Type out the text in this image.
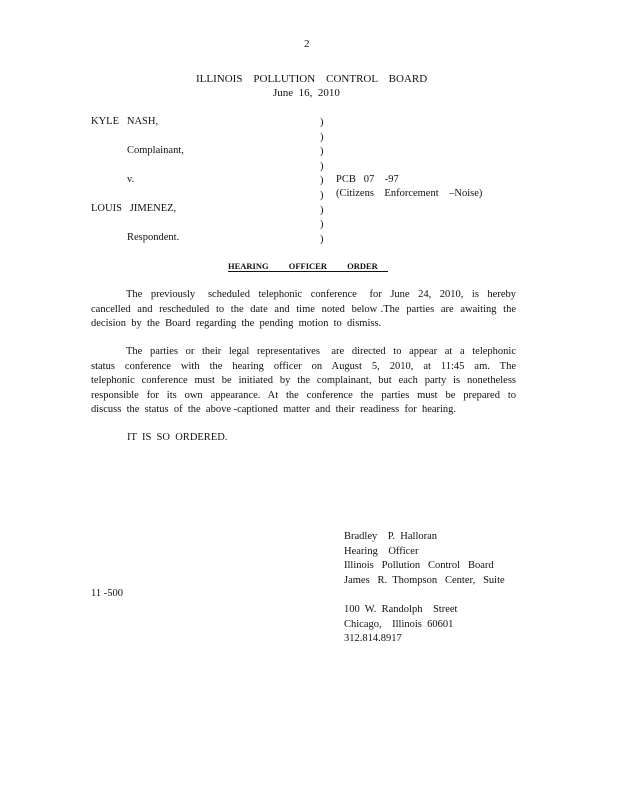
2
ILLINOIS    POLLUTION    CONTROL    BOARD
June  16,  2010
KYLE   NASH,
Complainant,
v.
LOUIS   JIMENEZ,
Respondent.
)
)
)
)
)
)
)
)
)
PCB   07    -97
(Citizens    Enforcement    –Noise)
HEARING OFFICER ORDER
The  previously   scheduled  telephonic  conference   for  June  24,  2010,  is  hereby
cancelled  and  rescheduled  to  the  date  and  time  noted  below .The  parties  are  awaiting  the
decision  by  the  Board  regarding  the  pending  motion  to  dismiss.
The  parties  or  their  legal  representatives   are  directed  to  appear  at  a  telephonic
status  conference  with  the  hearing  officer  on  August  5,  2010,  at  11:45  am.  The
telephonic  conference  must  be  initiated  by  the  complainant,  but  each  party  is  nonetheless
responsible  for  its  own  appearance.  At  the  conference  the  parties  must  be  prepared  to
discuss  the  status  of  the  above -captioned  matter  and  their  readiness  for  hearing.
IT  IS  SO  ORDERED.
Bradley    P.  Halloran
Hearing    Officer
Illinois   Pollution   Control   Board
James   R.  Thompson   Center,   Suite

100  W.  Randolph    Street
Chicago,    Illinois  60601
312.814.8917
11 -500
